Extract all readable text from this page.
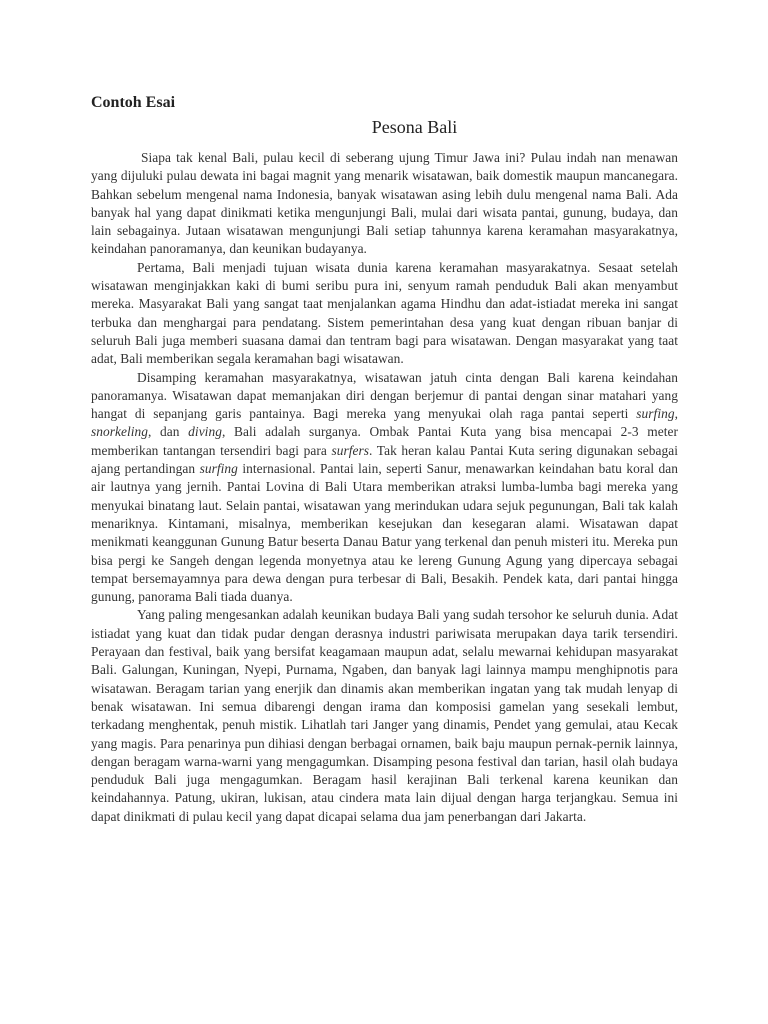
Contoh Esai
Pesona Bali

Siapa tak kenal Bali, pulau kecil di seberang ujung Timur Jawa ini? Pulau indah nan menawan yang dijuluki pulau dewata ini bagai magnit yang menarik wisatawan, baik domestik maupun mancanegara. Bahkan sebelum mengenal nama Indonesia, banyak wisatawan asing lebih dulu mengenal nama Bali. Ada banyak hal yang dapat dinikmati ketika mengunjungi Bali, mulai dari wisata pantai, gunung, budaya, dan lain sebagainya. Jutaan wisatawan mengunjungi Bali setiap tahunnya karena keramahan masyarakatnya, keindahan panoramanya, dan keunikan budayanya.

Pertama, Bali menjadi tujuan wisata dunia karena keramahan masyarakatnya. Sesaat setelah wisatawan menginjakkan kaki di bumi seribu pura ini, senyum ramah penduduk Bali akan menyambut mereka. Masyarakat Bali yang sangat taat menjalankan agama Hindhu dan adat-istiadat mereka ini sangat terbuka dan menghargai para pendatang. Sistem pemerintahan desa yang kuat dengan ribuan banjar di seluruh Bali juga memberi suasana damai dan tentram bagi para wisatawan. Dengan masyarakat yang taat adat, Bali memberikan segala keramahan bagi wisatawan.

Disamping keramahan masyarakatnya, wisatawan jatuh cinta dengan Bali karena keindahan panoramanya. Wisatawan dapat memanjakan diri dengan berjemur di pantai dengan sinar matahari yang hangat di sepanjang garis pantainya. Bagi mereka yang menyukai olah raga pantai seperti surfing, snorkeling, dan diving, Bali adalah surganya. Ombak Pantai Kuta yang bisa mencapai 2-3 meter memberikan tantangan tersendiri bagi para surfers. Tak heran kalau Pantai Kuta sering digunakan sebagai ajang pertandingan surfing internasional. Pantai lain, seperti Sanur, menawarkan keindahan batu koral dan air lautnya yang jernih. Pantai Lovina di Bali Utara memberikan atraksi lumba-lumba bagi mereka yang menyukai binatang laut. Selain pantai, wisatawan yang merindukan udara sejuk pegunungan, Bali tak kalah menariknya. Kintamani, misalnya, memberikan kesejukan dan kesegaran alami. Wisatawan dapat menikmati keanggunan Gunung Batur beserta Danau Batur yang terkenal dan penuh misteri itu. Mereka pun bisa pergi ke Sangeh dengan legenda monyetnya atau ke lereng Gunung Agung yang dipercaya sebagai tempat bersemayamnya para dewa dengan pura terbesar di Bali, Besakih. Pendek kata, dari pantai hingga gunung, panorama Bali tiada duanya.

Yang paling mengesankan adalah keunikan budaya Bali yang sudah tersohor ke seluruh dunia. Adat istiadat yang kuat dan tidak pudar dengan derasnya industri pariwisata merupakan daya tarik tersendiri. Perayaan dan festival, baik yang bersifat keagamaan maupun adat, selalu mewarnai kehidupan masyarakat Bali. Galungan, Kuningan, Nyepi, Purnama, Ngaben, dan banyak lagi lainnya mampu menghipnotis para wisatawan. Beragam tarian yang enerjik dan dinamis akan memberikan ingatan yang tak mudah lenyap di benak wisatawan. Ini semua dibarengi dengan irama dan komposisi gamelan yang sesekali lembut, terkadang menghentak, penuh mistik. Lihatlah tari Janger yang dinamis, Pendet yang gemulai, atau Kecak yang magis. Para penarinya pun dihiasi dengan berbagai ornamen, baik baju maupun pernak-pernik lainnya, dengan beragam warna-warni yang mengagumkan. Disamping pesona festival dan tarian, hasil olah budaya penduduk Bali juga mengagumkan. Beragam hasil kerajinan Bali terkenal karena keunikan dan keindahannya. Patung, ukiran, lukisan, atau cindera mata lain dijual dengan harga terjangkau. Semua ini dapat dinikmati di pulau kecil yang dapat dicapai selama dua jam penerbangan dari Jakarta.
